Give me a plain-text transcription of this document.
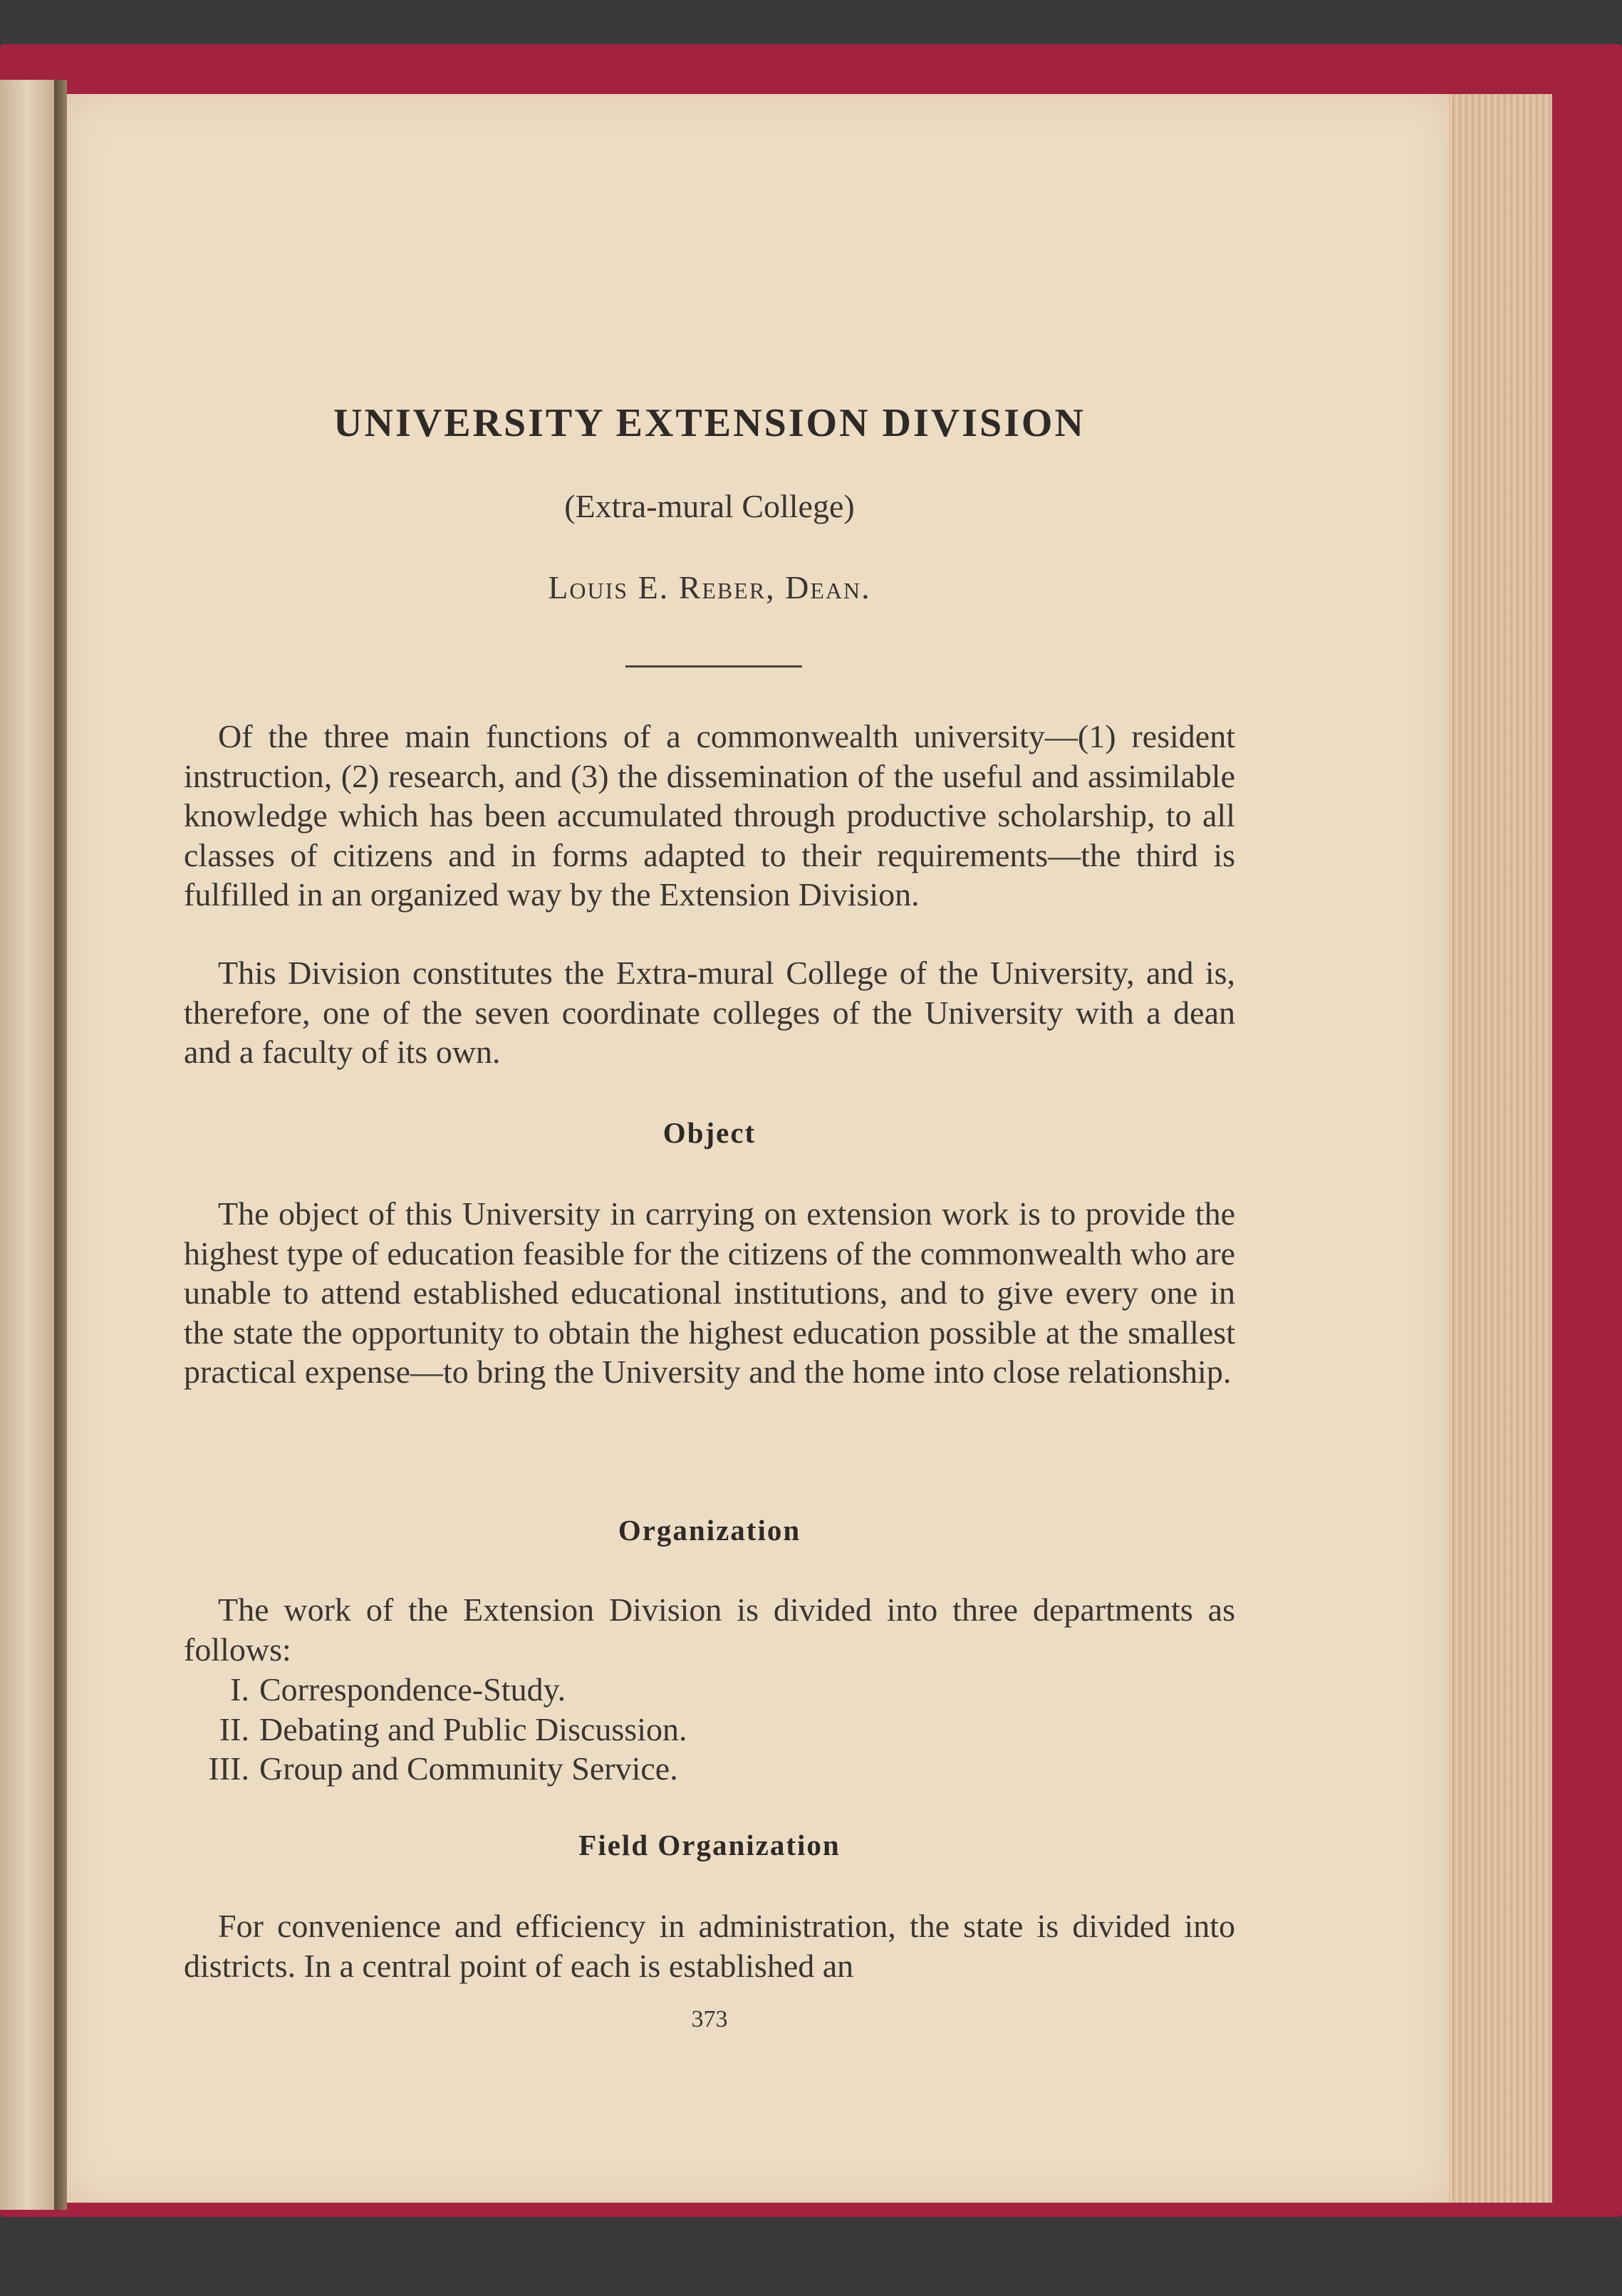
UNIVERSITY EXTENSION DIVISION
(Extra-mural College)
Louis E. Reber, Dean.

Of the three main functions of a commonwealth university—(1) resident instruction, (2) research, and (3) the dissemination of the useful and assimilable knowledge which has been accumulated through productive scholarship, to all classes of citizens and in forms adapted to their requirements—the third is fulfilled in an organized way by the Extension Division.

This Division constitutes the Extra-mural College of the University, and is, therefore, one of the seven coordinate colleges of the University with a dean and a faculty of its own.

Object

The object of this University in carrying on extension work is to provide the highest type of education feasible for the citizens of the commonwealth who are unable to attend established educational institutions, and to give every one in the state the opportunity to obtain the highest education possible at the smallest practical expense—to bring the University and the home into close relationship.

Organization

The work of the Extension Division is divided into three departments as follows:

I. Correspondence-Study.
II. Debating and Public Discussion.
III. Group and Community Service.
Field Organization

For convenience and efficiency in administration, the state is divided into districts. In a central point of each is established an

373
